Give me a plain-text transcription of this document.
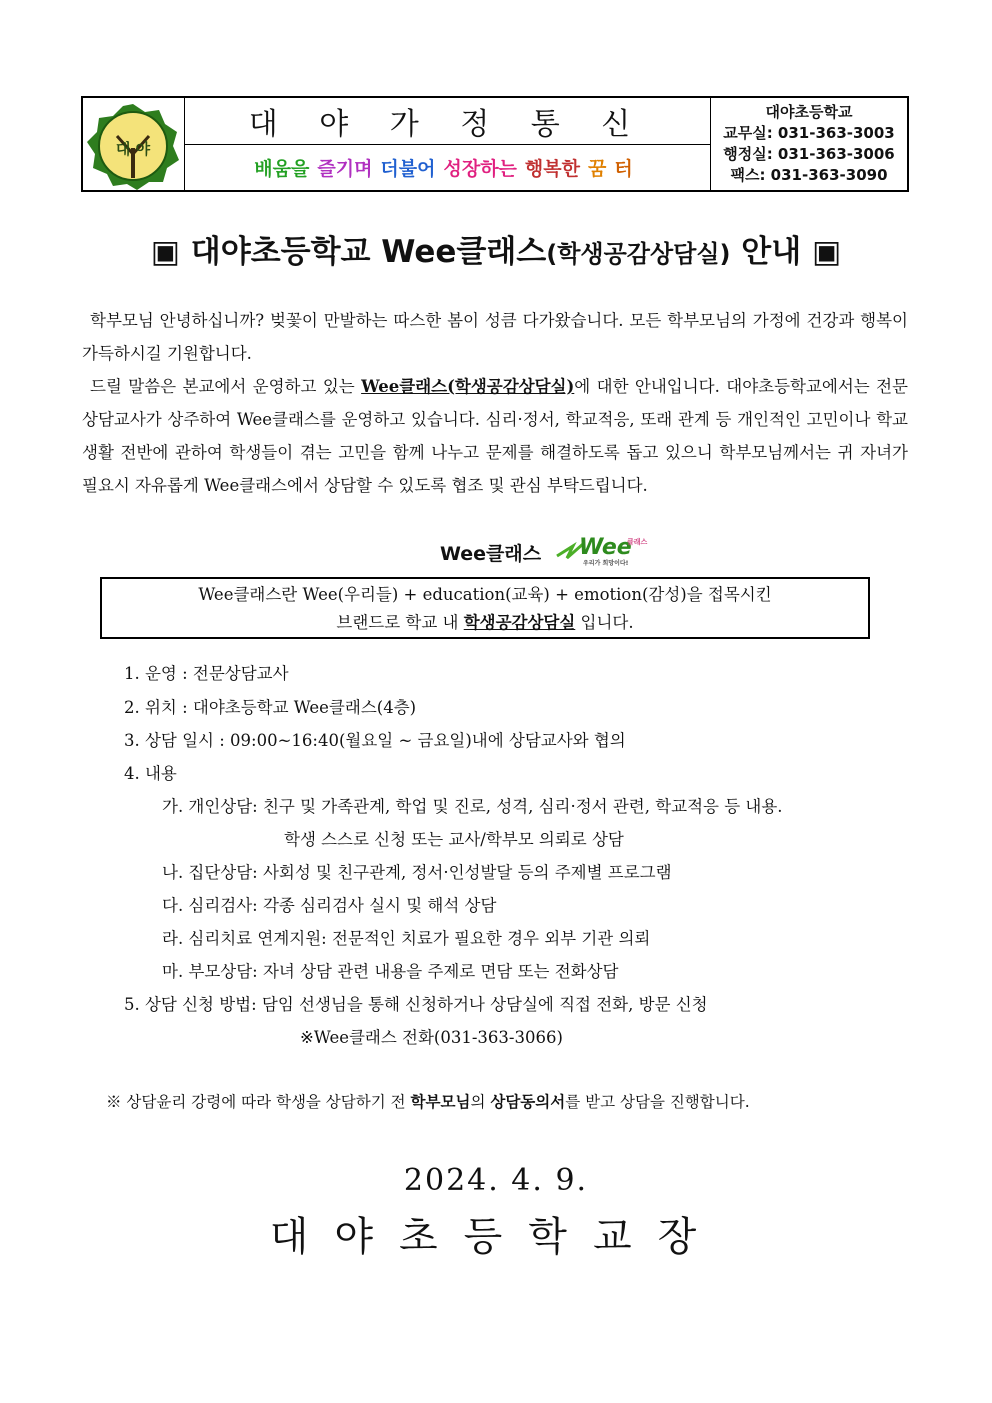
대 야
대 야 가 정 통 신
배움을 즐기며 더불어 성장하는 행복한 꿈 터
대야초등학교
교무실: 031-363-3003
행정실: 031-363-3006
팩스: 031-363-3090
▣ 대야초등학교 Wee클래스(학생공감상담실) 안내 ▣
학부모님 안녕하십니까? 벚꽃이 만발하는 따스한 봄이 성큼 다가왔습니다. 모든 학부모님의 가정에 건강과 행복이 가득하시길 기원합니다.
드릴 말씀은 본교에서 운영하고 있는 Wee클래스(학생공감상담실)에 대한 안내입니다. 대야초등학교에서는 전문상담교사가 상주하여 Wee클래스를 운영하고 있습니다. 심리·정서, 학교적응, 또래 관계 등 개인적인 고민이나 학교생활 전반에 관하여 학생들이 겪는 고민을 함께 나누고 문제를 해결하도록 돕고 있으니 학부모님께서는 귀 자녀가 필요시 자유롭게 Wee클래스에서 상담할 수 있도록 협조 및 관심 부탁드립니다.
Wee클래스 Wee
클래스
우리가 희망이다!
Wee클래스란 Wee(우리들) + education(교육) + emotion(감성)을 접목시킨
브랜드로 학교 내 학생공감상담실 입니다.
1. 운영 : 전문상담교사
2. 위치 : 대야초등학교 Wee클래스(4층)
3. 상담 일시 : 09:00~16:40(월요일 ~ 금요일)내에 상담교사와 협의
4. 내용
가. 개인상담: 친구 및 가족관계, 학업 및 진로, 성격, 심리·정서 관련, 학교적응 등 내용.
학생 스스로 신청 또는 교사/학부모 의뢰로 상담
나. 집단상담: 사회성 및 친구관계, 정서·인성발달 등의 주제별 프로그램
다. 심리검사: 각종 심리검사 실시 및 해석 상담
라. 심리치료 연계지원: 전문적인 치료가 필요한 경우 외부 기관 의뢰
마. 부모상담: 자녀 상담 관련 내용을 주제로 면담 또는 전화상담
5. 상담 신청 방법: 담임 선생님을 통해 신청하거나 상담실에 직접 전화, 방문 신청
※Wee클래스 전화(031-363-3066)
※ 상담윤리 강령에 따라 학생을 상담하기 전 학부모님의 상담동의서를 받고 상담을 진행합니다.
2024. 4. 9.
대야초등학교장
